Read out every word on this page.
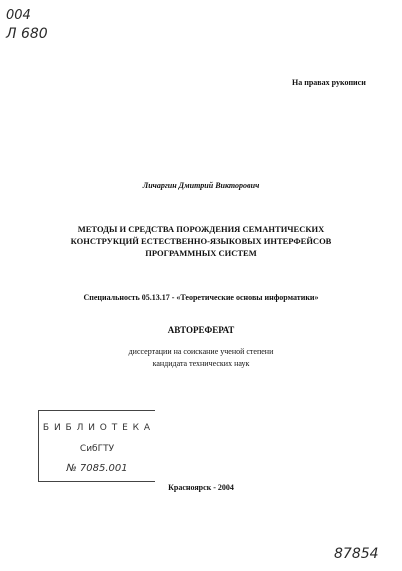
004
Л 680
На правах рукописи
Личаргин Дмитрий Викторович
МЕТОДЫ И СРЕДСТВА ПОРОЖДЕНИЯ СЕМАНТИЧЕСКИХ
КОНСТРУКЦИЙ ЕСТЕСТВЕННО-ЯЗЫКОВЫХ ИНТЕРФЕЙСОВ
ПРОГРАММНЫХ СИСТЕМ
Специальность 05.13.17 - «Теоретические основы информатики»
АВТОРЕФЕРАТ
диссертации на соискание ученой степени
кандидата технических наук
Б И Б Л И О Т Е К А
СибГТУ
№ 7085.001
Красноярск - 2004
87854
